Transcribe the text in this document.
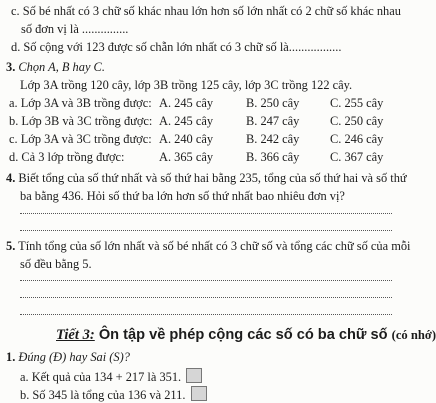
c. Số bé nhất có 3 chữ số khác nhau lớn hơn số lớn nhất có 2 chữ số khác nhau
số đơn vị là ...............
d. Số cộng với 123 được số chẵn lớn nhất có 3 chữ số là.................
3. Chọn A, B hay C.
Lớp 3A trồng 120 cây, lớp 3B trồng 125 cây, lớp 3C trồng 122 cây.
a. Lớp 3A và 3B trồng được: A. 245 cây	B. 250 cây C. 255 cây
b. Lớp 3B và 3C trồng được: A. 245 cây	B. 247 cây C. 250 cây
c. Lớp 3A và 3C trồng được: A. 240 cây	B. 242 cây C. 246 cây
d. Cả 3 lớp trồng được:	A. 365 cây	B. 366 cây C. 367 cây
4. Biết tổng của số thứ nhất và số thứ hai bằng 235, tổng của số thứ hai và số thứ
ba bằng 436. Hỏi số thứ ba lớn hơn số thứ nhất bao nhiêu đơn vị?
5. Tính tổng của số lớn nhất và số bé nhất có 3 chữ số và tổng các chữ số của mỗi
số đều bằng 5.
Tiết 3: Ôn tập về phép cộng các số có ba chữ số (có nhớ)
1. Đúng (Đ) hay Sai (S)?
a. Kết quả của 134 + 217 là 351.
b. Số 345 là tổng của 136 và 211.
